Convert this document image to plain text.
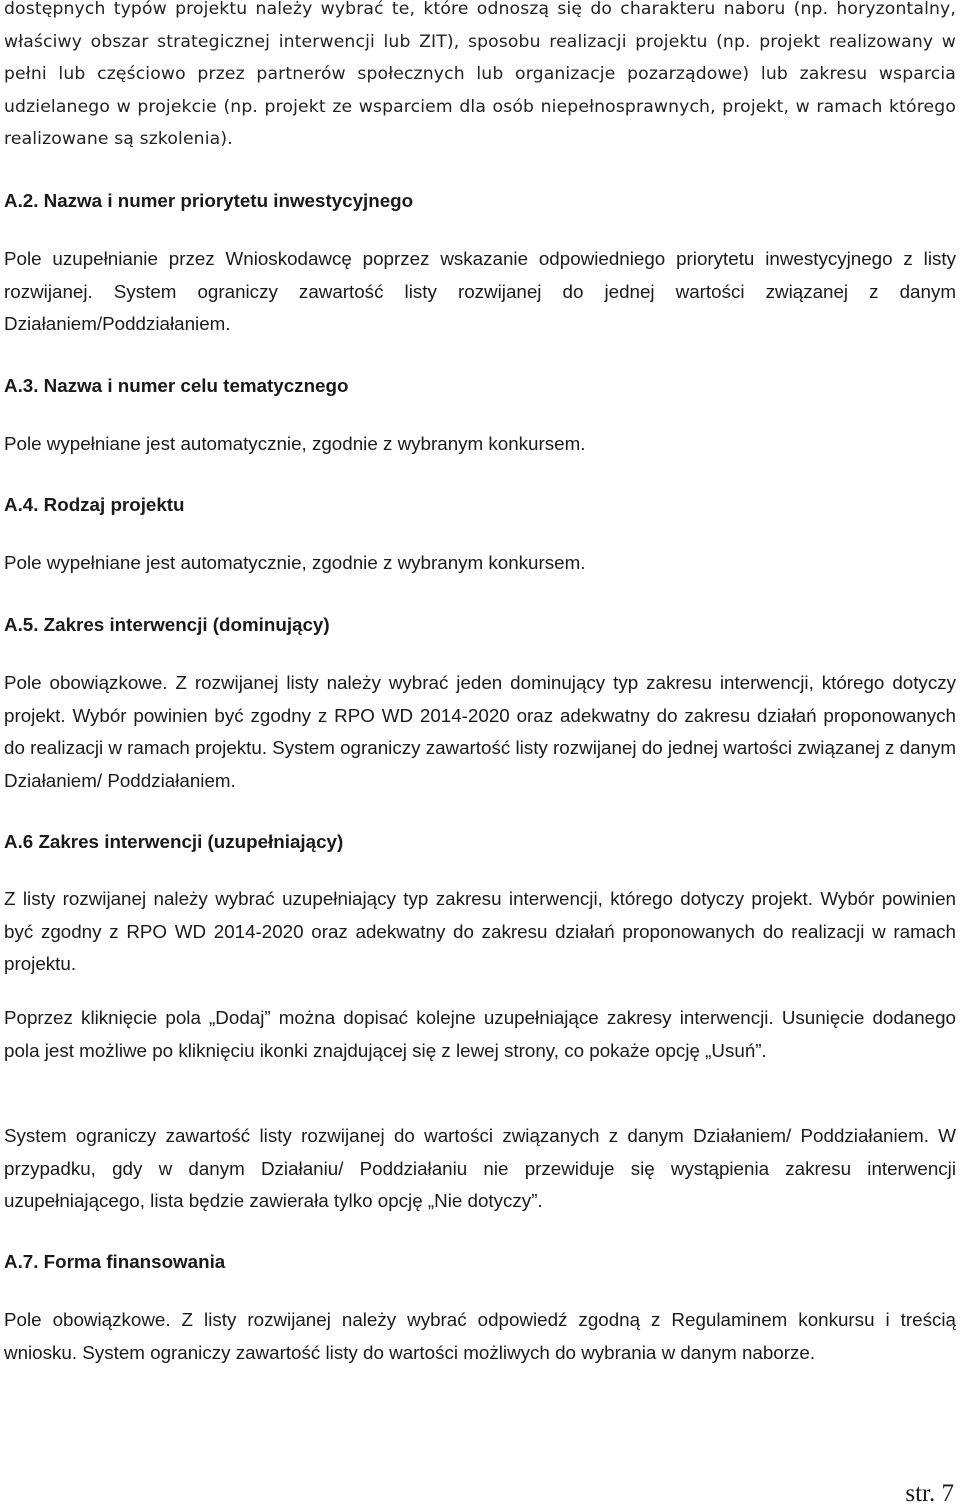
dostępnych typów projektu należy wybrać te, które odnoszą się do charakteru naboru (np. horyzontalny, właściwy obszar strategicznej interwencji lub ZIT), sposobu realizacji projektu (np. projekt realizowany w pełni lub częściowo przez partnerów społecznych lub organizacje pozarządowe) lub zakresu wsparcia udzielanego w projekcie (np. projekt ze wsparciem dla osób niepełnosprawnych, projekt, w ramach którego realizowane są szkolenia).

A.2. Nazwa i numer priorytetu inwestycyjnego

Pole uzupełnianie przez Wnioskodawcę poprzez wskazanie odpowiedniego priorytetu inwestycyjnego z listy rozwijanej. System ograniczy zawartość listy rozwijanej do jednej wartości związanej z danym Działaniem/Poddziałaniem.

A.3. Nazwa i numer celu tematycznego

Pole wypełniane jest automatycznie, zgodnie z wybranym konkursem.

A.4. Rodzaj projektu

Pole wypełniane jest automatycznie, zgodnie z wybranym konkursem.

A.5. Zakres interwencji (dominujący)

Pole obowiązkowe. Z rozwijanej listy należy wybrać jeden dominujący typ zakresu interwencji, którego dotyczy projekt. Wybór powinien być zgodny z RPO WD 2014-2020 oraz adekwatny do zakresu działań proponowanych do realizacji w ramach projektu. System ograniczy zawartość listy rozwijanej do jednej wartości związanej z danym Działaniem/ Poddziałaniem.

A.6 Zakres interwencji (uzupełniający)

Z listy rozwijanej należy wybrać uzupełniający typ zakresu interwencji, którego dotyczy projekt. Wybór powinien być zgodny z RPO WD 2014-2020 oraz adekwatny do zakresu działań proponowanych do realizacji w ramach projektu.

Poprzez kliknięcie pola „Dodaj” można dopisać kolejne uzupełniające zakresy interwencji. Usunięcie dodanego pola jest możliwe po kliknięciu ikonki znajdującej się z lewej strony, co pokaże opcję „Usuń”.

System ograniczy zawartość listy rozwijanej do wartości związanych z danym Działaniem/ Poddziałaniem. W przypadku, gdy w danym Działaniu/ Poddziałaniu nie przewiduje się wystąpienia zakresu interwencji uzupełniającego, lista będzie zawierała tylko opcję „Nie dotyczy”.

A.7. Forma finansowania

Pole obowiązkowe. Z listy rozwijanej należy wybrać odpowiedź zgodną z Regulaminem konkursu i treścią wniosku. System ograniczy zawartość listy do wartości możliwych do wybrania w danym naborze.

str. 7
